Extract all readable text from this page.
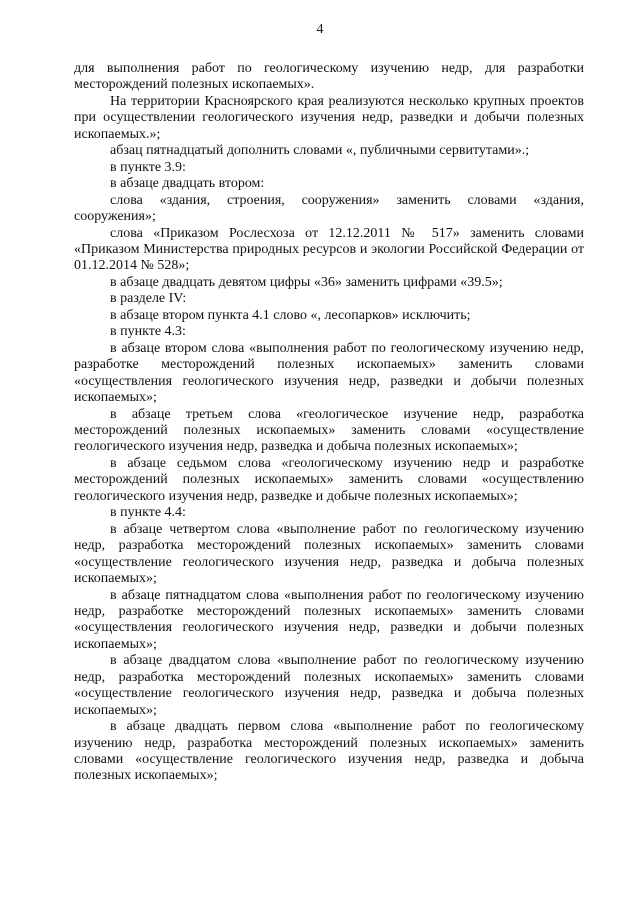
4

для выполнения работ по геологическому изучению недр, для разработки месторождений полезных ископаемых».

На территории Красноярского края реализуются несколько крупных проектов при осуществлении геологического изучения недр, разведки и добычи полезных ископаемых.»;

абзац пятнадцатый дополнить словами «, публичными сервитутами».;

в пункте 3.9:

в абзаце двадцать втором:

слова «здания, строения, сооружения» заменить словами «здания, сооружения»;

слова «Приказом Рослесхоза от 12.12.2011 № 517» заменить словами «Приказом Министерства природных ресурсов и экологии Российской Федерации от 01.12.2014 № 528»;

в абзаце двадцать девятом цифры «36» заменить цифрами «39.5»;

в разделе IV:

в абзаце втором пункта 4.1 слово «, лесопарков» исключить;

в пункте 4.3:

в абзаце втором слова «выполнения работ по геологическому изучению недр, разработке месторождений полезных ископаемых» заменить словами «осуществления геологического изучения недр, разведки и добычи полезных ископаемых»;

в абзаце третьем слова «геологическое изучение недр, разработка месторождений полезных ископаемых» заменить словами «осуществление геологического изучения недр, разведка и добыча полезных ископаемых»;

в абзаце седьмом слова «геологическому изучению недр и разработке месторождений полезных ископаемых» заменить словами «осуществлению геологического изучения недр, разведке и добыче полезных ископаемых»;

в пункте 4.4:

в абзаце четвертом слова «выполнение работ по геологическому изучению недр, разработка месторождений полезных ископаемых» заменить словами «осуществление геологического изучения недр, разведка и добыча полезных ископаемых»;

в абзаце пятнадцатом слова «выполнения работ по геологическому изучению недр, разработке месторождений полезных ископаемых» заменить словами «осуществления геологического изучения недр, разведки и добычи полезных ископаемых»;

в абзаце двадцатом слова «выполнение работ по геологическому изучению недр, разработка месторождений полезных ископаемых» заменить словами «осуществление геологического изучения недр, разведка и добыча полезных ископаемых»;

в абзаце двадцать первом слова «выполнение работ по геологическому изучению недр, разработка месторождений полезных ископаемых» заменить словами «осуществление геологического изучения недр, разведка и добыча полезных ископаемых»;
